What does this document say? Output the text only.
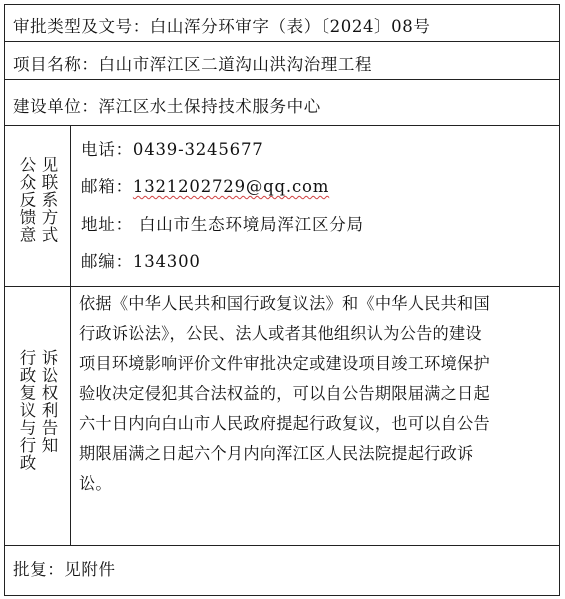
审批类型及文号：白山浑分环审字（表）〔2024〕08号
项目名称：白山市浑江区二道沟山洪沟治理工程
建设单位：浑江区水土保持技术服务中心
公众反馈意 见联系方式
电话：0439-3245677
邮箱：1321202729@qq.com
地址： 白山市生态环境局浑江区分局
邮编：134300
行政复议与行政 诉讼权利告知
依据《中华人民共和国行政复议法》和《中华人民共和国
行政诉讼法》，公民、法人或者其他组织认为公告的建设
项目环境影响评价文件审批决定或建设项目竣工环境保护
验收决定侵犯其合法权益的，可以自公告期限届满之日起
六十日内向白山市人民政府提起行政复议，也可以自公告
期限届满之日起六个月内向浑江区人民法院提起行政诉
讼。
批复：见附件
